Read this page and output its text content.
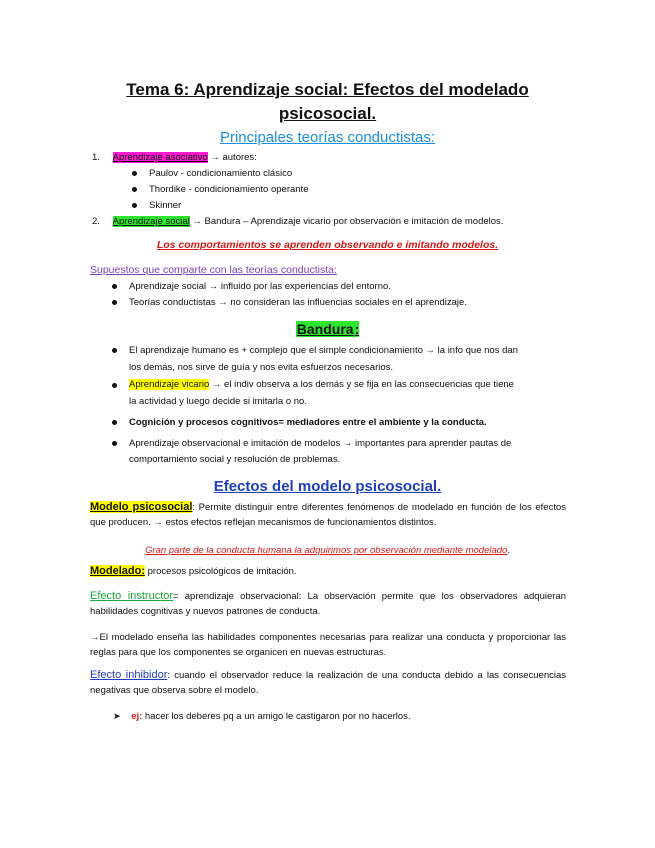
Tema 6: Aprendizaje social: Efectos del modelado
psicosocial.
Principales teorías conductistas:
1. Aprendizaje asociativo → autores:
Paulov - condicionamiento clásico
Thordike - condicionamiento operante
Skinner
2. Aprendizaje social → Bandura – Aprendizaje vicario por observación e imitación de modelos.
Los comportamientos se aprenden observando e imitando modelos.
Supuestos que comparte con las teorías conductista:
Aprendizaje social → influido por las experiencias del entorno.
Teorías conductistas → no consideran las influencias sociales en el aprendizaje.
Bandura:
El aprendizaje humano es + complejo que el simple condicionamiento → la info que nos dan
los demás, nos sirve de guía y nos evita esfuerzos necesarios.
Aprendizaje vicario → el indiv observa a los demás y se fija en las consecuencias que tiene
la actividad y luego decide si imitarla o no.
Cognición y procesos cognitivos= mediadores entre el ambiente y la conducta.
Aprendizaje observacional e imitación de modelos → importantes para aprender pautas de
comportamiento social y resolución de problemas.
Efectos del modelo psicosocial.
Modelo psicosocial: Permite distinguir entre diferentes fenómenos de modelado en función de los efectos que producen. → estos efectos reflejan mecanismos de funcionamientos distintos.
Gran parte de la conducta humana la adquirimos por observación mediante modelado.
Modelado: procesos psicológicos de imitación.
Efecto instructor= aprendizaje observacional: La observación permite que los observadores adquieran habilidades cognitivas y nuevos patrones de conducta.
→El modelado enseña las habilidades componentes necesarias para realizar una conducta y proporcionar las reglas para que los componentes se organicen en nuevas estructuras.
Efecto inhibidor: cuando el observador reduce la realización de una conducta debido a las consecuencias negativas que observa sobre el modelo.
➤ ej: hacer los deberes pq a un amigo le castigaron por no hacerlos.
